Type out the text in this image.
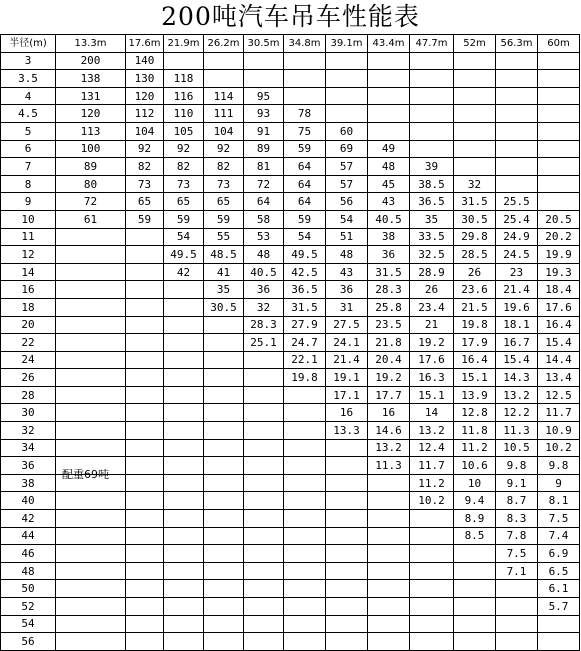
200吨汽车吊车性能表
半径(m)	13.3m	17.6m	21.9m	26.2m	30.5m	34.8m	39.1m	43.4m	47.7m	52m	56.3m	60m
3	200	140										
3.5	138	130	118									
4	131	120	116	114	95							
4.5	120	112	110	111	93	78						
5	113	104	105	104	91	75	60					
6	100	92	92	92	89	59	69	49				
7	89	82	82	82	81	64	57	48	39			
8	80	73	73	73	72	64	57	45	38.5	32		
9	72	65	65	65	64	64	56	43	36.5	31.5	25.5	
10	61	59	59	59	58	59	54	40.5	35	30.5	25.4	20.5
11			54	55	53	54	51	38	33.5	29.8	24.9	20.2
12			49.5	48.5	48	49.5	48	36	32.5	28.5	24.5	19.9
14			42	41	40.5	42.5	43	31.5	28.9	26	23	19.3
16				35	36	36.5	36	28.3	26	23.6	21.4	18.4
18				30.5	32	31.5	31	25.8	23.4	21.5	19.6	17.6
20					28.3	27.9	27.5	23.5	21	19.8	18.1	16.4
22					25.1	24.7	24.1	21.8	19.2	17.9	16.7	15.4
24						22.1	21.4	20.4	17.6	16.4	15.4	14.4
26						19.8	19.1	19.2	16.3	15.1	14.3	13.4
28							17.1	17.7	15.1	13.9	13.2	12.5
30							16	16	14	12.8	12.2	11.7
32							13.3	14.6	13.2	11.8	11.3	10.9
34								13.2	12.4	11.2	10.5	10.2
36								11.3	11.7	10.6	9.8	9.8
38									11.2	10	9.1	9
40									10.2	9.4	8.7	8.1
42										8.9	8.3	7.5
44										8.5	7.8	7.4
46											7.5	6.9
48											7.1	6.5
50												6.1
52												5.7
54												
56												
配重69吨
